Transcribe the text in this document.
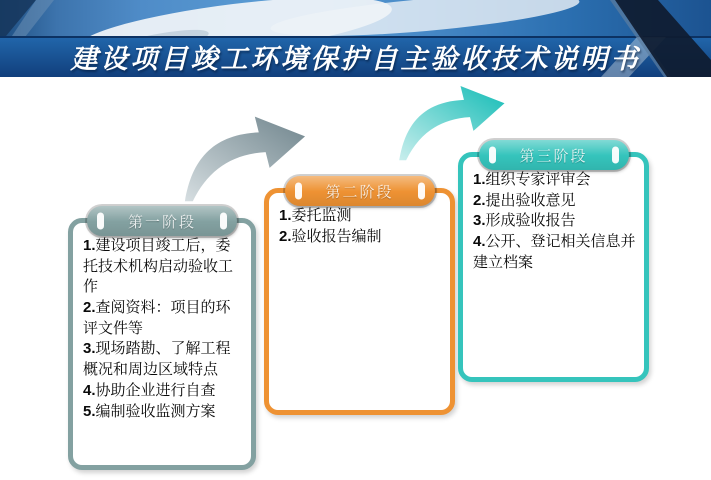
建设项目竣工环境保护自主验收技术说明书
第一阶段
1.建设项目竣工后，委托技术机构启动验收工作
2.查阅资料：项目的环评文件等
3.现场踏勘、了解工程概况和周边区域特点
4.协助企业进行自查
5.编制验收监测方案
第二阶段
1.委托监测
2.验收报告编制
第三阶段
1.组织专家评审会
2.提出验收意见
3.形成验收报告
4.公开、登记相关信息并建立档案
